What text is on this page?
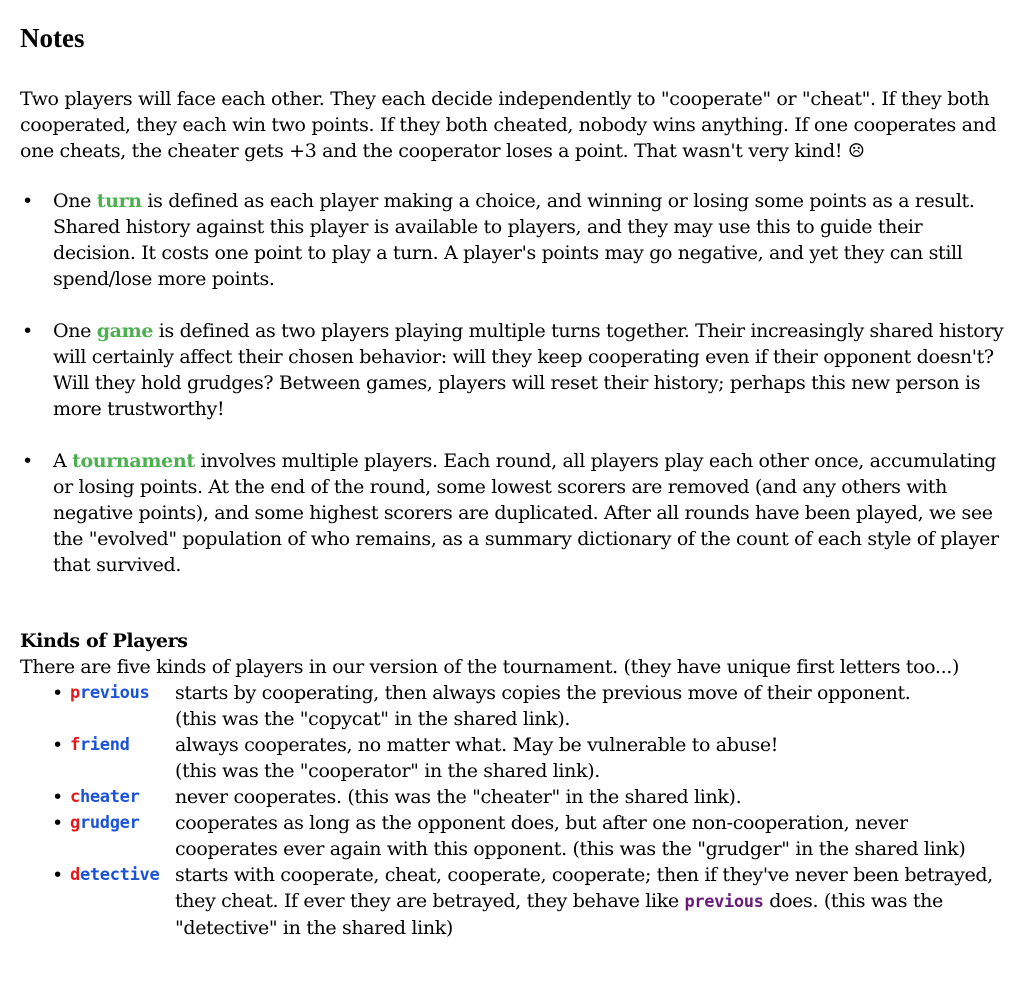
Notes
Two players will face each other. They each decide independently to "cooperate" or "cheat". If they both cooperated, they each win two points. If they both cheated, nobody wins anything. If one cooperates and one cheats, the cheater gets +3 and the cooperator loses a point. That wasn't very kind! ☹
• One turn is defined as each player making a choice, and winning or losing some points as a result. Shared history against this player is available to players, and they may use this to guide their decision. It costs one point to play a turn. A player's points may go negative, and yet they can still spend/lose more points.
• One game is defined as two players playing multiple turns together. Their increasingly shared history will certainly affect their chosen behavior: will they keep cooperating even if their opponent doesn't? Will they hold grudges? Between games, players will reset their history; perhaps this new person is more trustworthy!
• A tournament involves multiple players. Each round, all players play each other once, accumulating or losing points. At the end of the round, some lowest scorers are removed (and any others with negative points), and some highest scorers are duplicated. After all rounds have been played, we see the "evolved" population of who remains, as a summary dictionary of the count of each style of player that survived.
Kinds of Players
There are five kinds of players in our version of the tournament. (they have unique first letters too...)
• previous	starts by cooperating, then always copies the previous move of their opponent.
(this was the "copycat" in the shared link).
• friend	always cooperates, no matter what. May be vulnerable to abuse!
(this was the "cooperator" in the shared link).
• cheater	never cooperates. (this was the "cheater" in the shared link).
• grudger	cooperates as long as the opponent does, but after one non-cooperation, never cooperates ever again with this opponent. (this was the "grudger" in the shared link)
• detective starts with cooperate, cheat, cooperate, cooperate; then if they've never been betrayed, they cheat. If ever they are betrayed, they behave like previous does. (this was the "detective" in the shared link)
